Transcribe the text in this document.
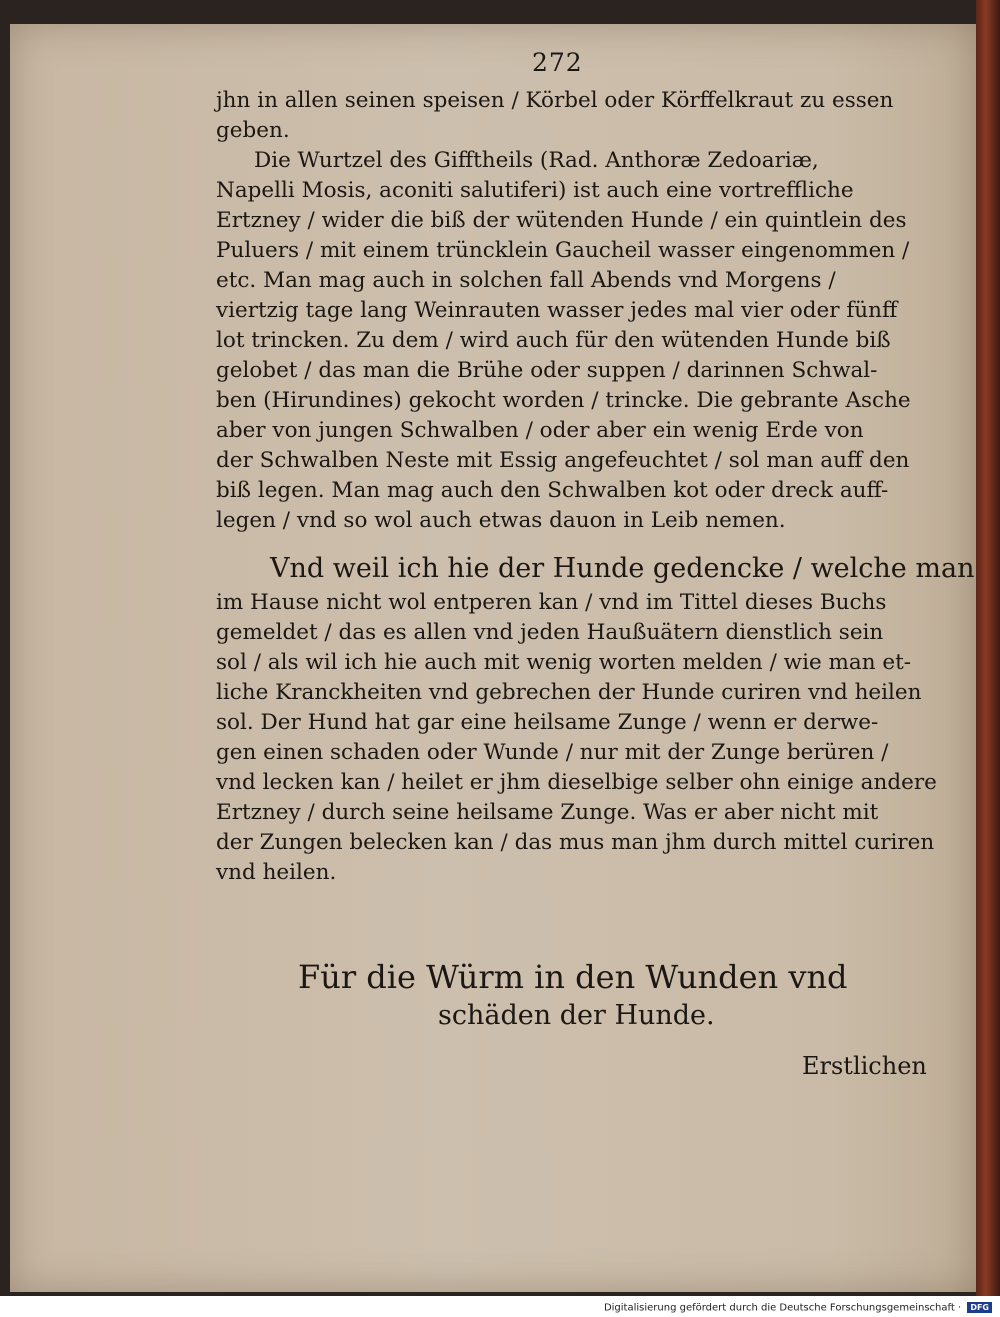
272
jhn in allen seinen speisen / Körbel oder Körffelkraut zu essen
geben.
Die Wurtzel des Gifftheils (Rad. Anthoræ Zedoariæ,
Napelli Mosis, aconiti salutiferi) ist auch eine vortreffliche
Ertzney / wider die biß der wütenden Hunde / ein quintlein des
Puluers / mit einem trüncklein Gaucheil wasser eingenommen /
etc. Man mag auch in solchen fall Abends vnd Morgens /
viertzig tage lang Weinrauten wasser jedes mal vier oder fünff
lot trincken. Zu dem / wird auch für den wütenden Hunde biß
gelobet / das man die Brühe oder suppen / darinnen Schwal-
ben (Hirundines) gekocht worden / trincke. Die gebrante Asche
aber von jungen Schwalben / oder aber ein wenig Erde von
der Schwalben Neste mit Essig angefeuchtet / sol man auff den
biß legen. Man mag auch den Schwalben kot oder dreck auff-
legen / vnd so wol auch etwas dauon in Leib nemen.
Vnd weil ich hie der Hunde gedencke / welche man
im Hause nicht wol entperen kan / vnd im Tittel dieses Buchs
gemeldet / das es allen vnd jeden Haußuätern dienstlich sein
sol / als wil ich hie auch mit wenig worten melden / wie man et-
liche Kranckheiten vnd gebrechen der Hunde curiren vnd heilen
sol. Der Hund hat gar eine heilsame Zunge / wenn er derwe-
gen einen schaden oder Wunde / nur mit der Zunge berüren /
vnd lecken kan / heilet er jhm dieselbige selber ohn einige andere
Ertzney / durch seine heilsame Zunge. Was er aber nicht mit
der Zungen belecken kan / das mus man jhm durch mittel curiren
vnd heilen.
Für die Würm in den Wunden vnd
schäden der Hunde.
Erstlichen
Digitalisierung gefördert durch die Deutsche Forschungsgemeinschaft · DFG
